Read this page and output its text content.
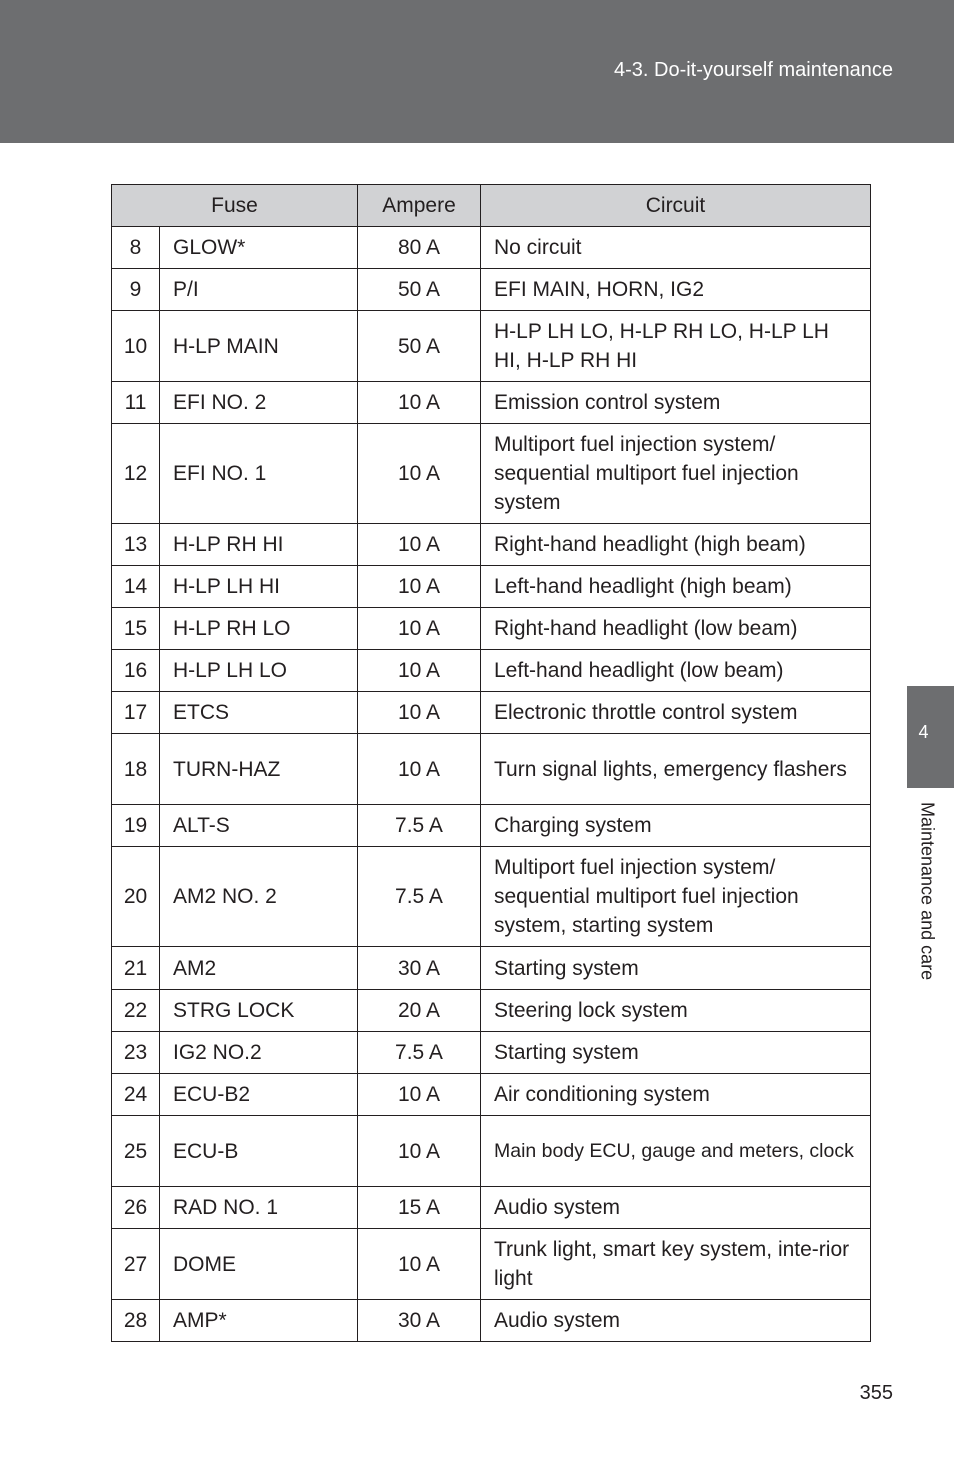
4-3. Do-it-yourself maintenance
Fuse		Ampere	Circuit
8	GLOW*	80 A	No circuit
9	P/I	50 A	EFI MAIN, HORN, IG2
10	H-LP MAIN	50 A	H-LP LH LO, H-LP RH LO, H-LP LH HI, H-LP RH HI
11	EFI NO. 2	10 A	Emission control system
12	EFI NO. 1	10 A	Multiport fuel injection system/ sequential multiport fuel injection system
13	H-LP RH HI	10 A	Right-hand headlight (high beam)
14	H-LP LH HI	10 A	Left-hand headlight (high beam)
15	H-LP RH LO	10 A	Right-hand headlight (low beam)
16	H-LP LH LO	10 A	Left-hand headlight (low beam)
17	ETCS	10 A	Electronic throttle control system
18	TURN-HAZ	10 A	Turn signal lights, emergency flashers
19	ALT-S	7.5 A	Charging system
20	AM2 NO. 2	7.5 A	Multiport fuel injection system/ sequential multiport fuel injection system, starting system
21	AM2	30 A	Starting system
22	STRG LOCK	20 A	Steering lock system
23	IG2 NO.2	7.5 A	Starting system
24	ECU-B2	10 A	Air conditioning system
25	ECU-B	10 A	Main body ECU, gauge and meters, clock
26	RAD NO. 1	15 A	Audio system
27	DOME	10 A	Trunk light, smart key system, inte-rior light
28	AMP*	30 A	Audio system
4
Maintenance and care
355
